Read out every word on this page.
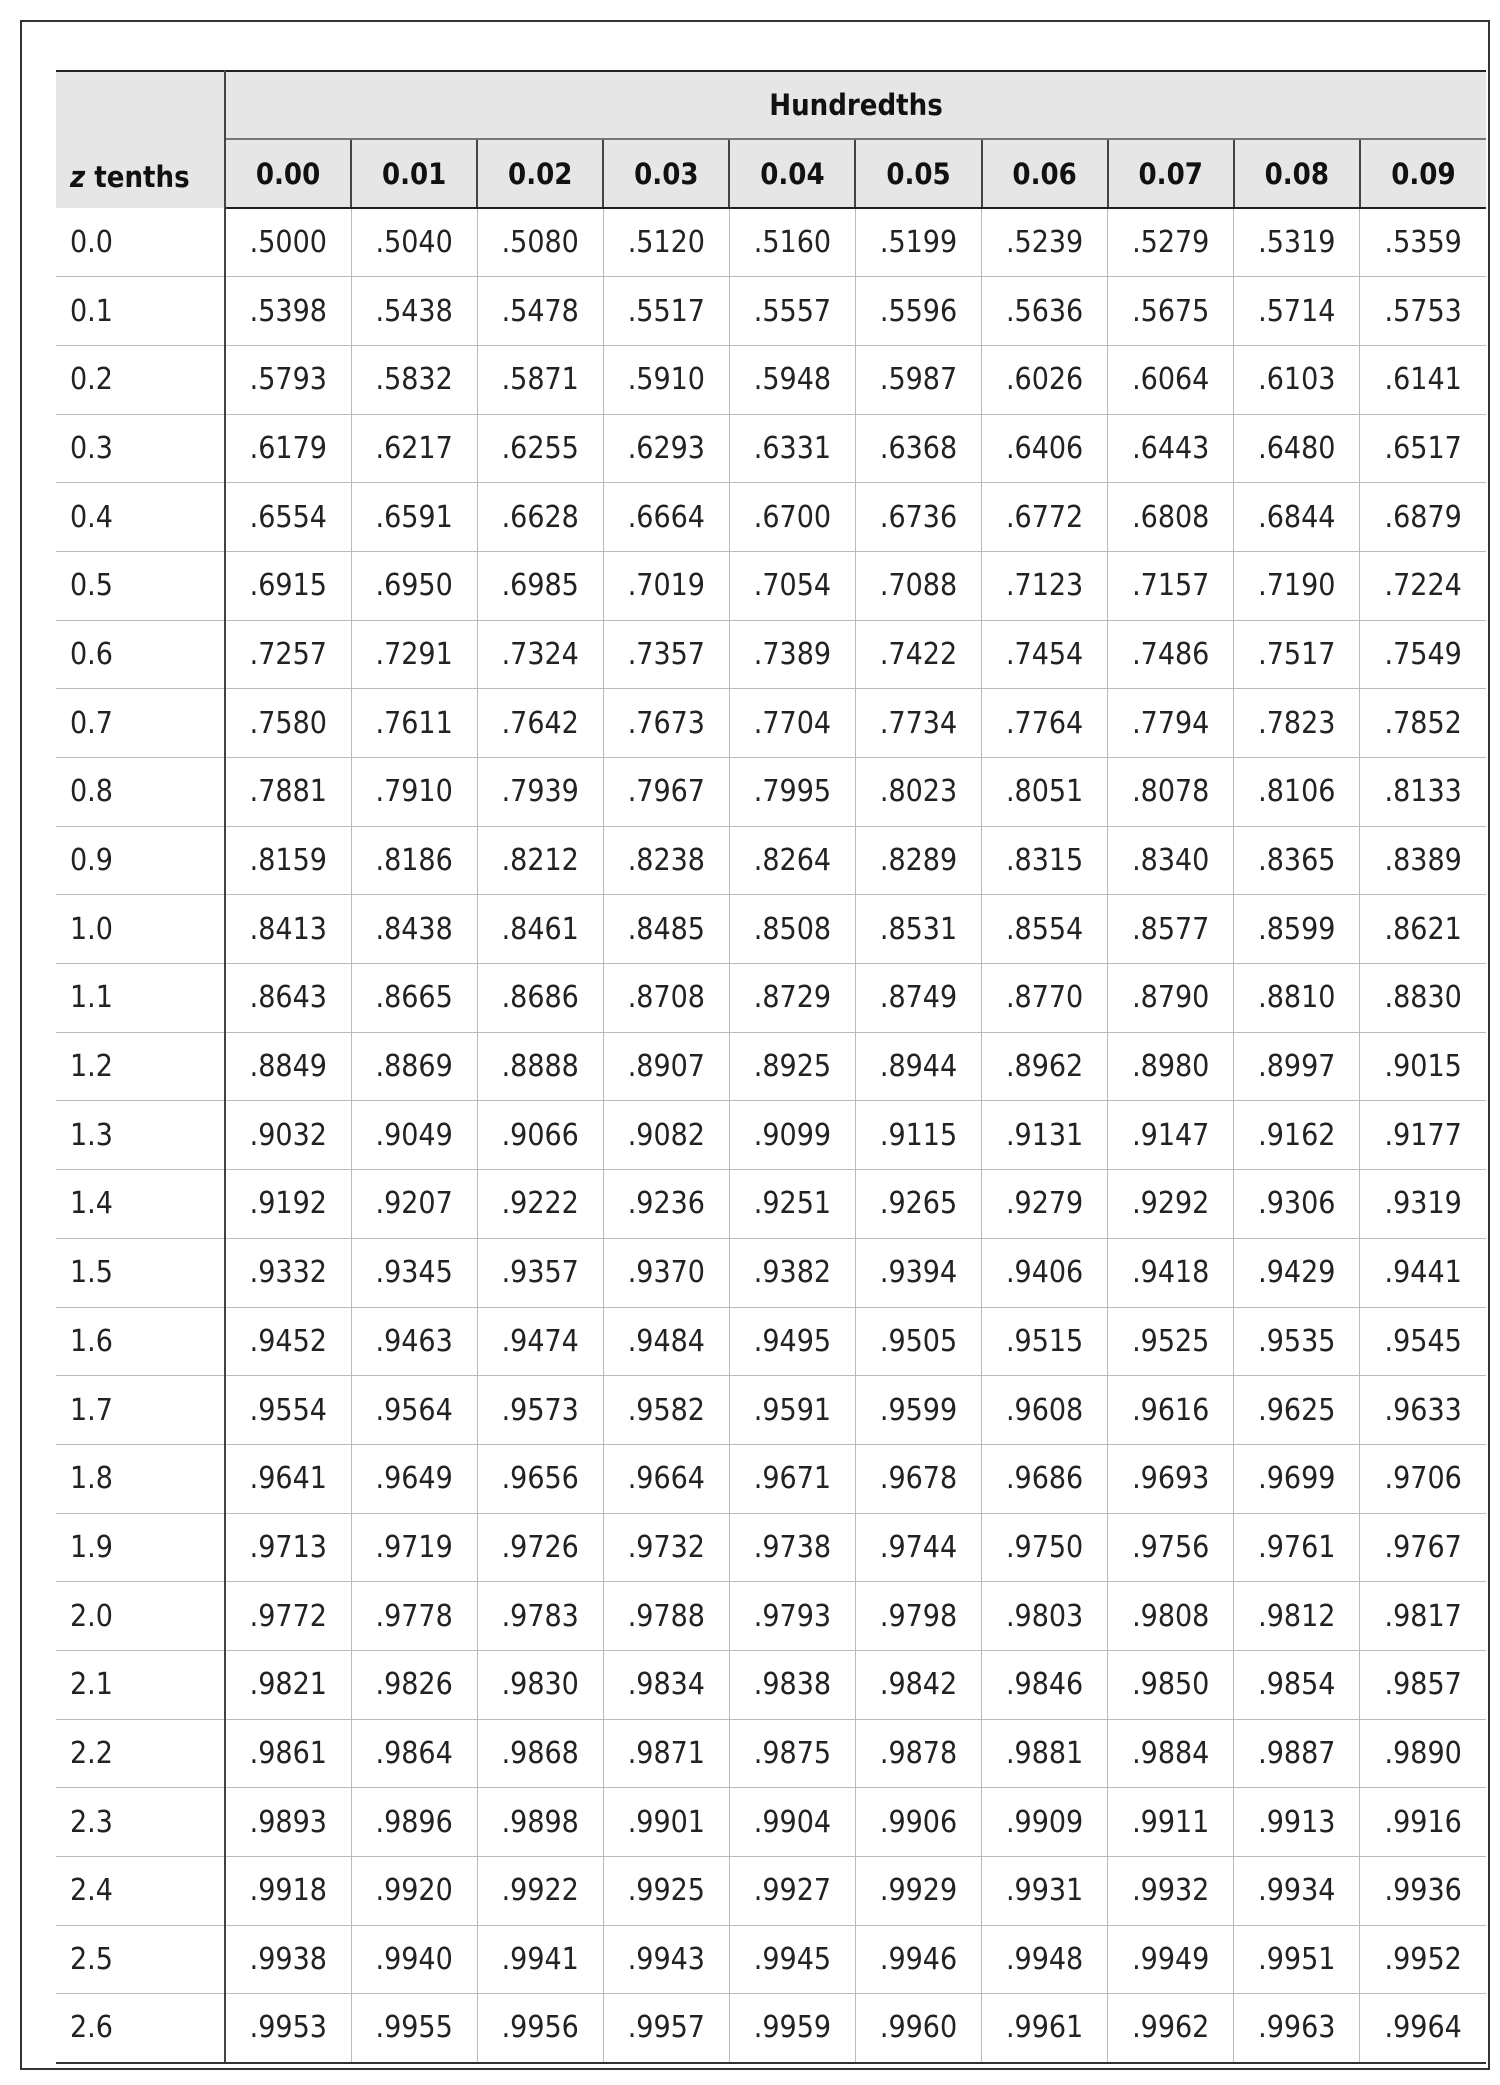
z tenths	Hundredths									
	0.00	0.01	0.02	0.03	0.04	0.05	0.06	0.07	0.08	0.09
0.0	.5000	.5040	.5080	.5120	.5160	.5199	.5239	.5279	.5319	.5359
0.1	.5398	.5438	.5478	.5517	.5557	.5596	.5636	.5675	.5714	.5753
0.2	.5793	.5832	.5871	.5910	.5948	.5987	.6026	.6064	.6103	.6141
0.3	.6179	.6217	.6255	.6293	.6331	.6368	.6406	.6443	.6480	.6517
0.4	.6554	.6591	.6628	.6664	.6700	.6736	.6772	.6808	.6844	.6879
0.5	.6915	.6950	.6985	.7019	.7054	.7088	.7123	.7157	.7190	.7224
0.6	.7257	.7291	.7324	.7357	.7389	.7422	.7454	.7486	.7517	.7549
0.7	.7580	.7611	.7642	.7673	.7704	.7734	.7764	.7794	.7823	.7852
0.8	.7881	.7910	.7939	.7967	.7995	.8023	.8051	.8078	.8106	.8133
0.9	.8159	.8186	.8212	.8238	.8264	.8289	.8315	.8340	.8365	.8389
1.0	.8413	.8438	.8461	.8485	.8508	.8531	.8554	.8577	.8599	.8621
1.1	.8643	.8665	.8686	.8708	.8729	.8749	.8770	.8790	.8810	.8830
1.2	.8849	.8869	.8888	.8907	.8925	.8944	.8962	.8980	.8997	.9015
1.3	.9032	.9049	.9066	.9082	.9099	.9115	.9131	.9147	.9162	.9177
1.4	.9192	.9207	.9222	.9236	.9251	.9265	.9279	.9292	.9306	.9319
1.5	.9332	.9345	.9357	.9370	.9382	.9394	.9406	.9418	.9429	.9441
1.6	.9452	.9463	.9474	.9484	.9495	.9505	.9515	.9525	.9535	.9545
1.7	.9554	.9564	.9573	.9582	.9591	.9599	.9608	.9616	.9625	.9633
1.8	.9641	.9649	.9656	.9664	.9671	.9678	.9686	.9693	.9699	.9706
1.9	.9713	.9719	.9726	.9732	.9738	.9744	.9750	.9756	.9761	.9767
2.0	.9772	.9778	.9783	.9788	.9793	.9798	.9803	.9808	.9812	.9817
2.1	.9821	.9826	.9830	.9834	.9838	.9842	.9846	.9850	.9854	.9857
2.2	.9861	.9864	.9868	.9871	.9875	.9878	.9881	.9884	.9887	.9890
2.3	.9893	.9896	.9898	.9901	.9904	.9906	.9909	.9911	.9913	.9916
2.4	.9918	.9920	.9922	.9925	.9927	.9929	.9931	.9932	.9934	.9936
2.5	.9938	.9940	.9941	.9943	.9945	.9946	.9948	.9949	.9951	.9952
2.6	.9953	.9955	.9956	.9957	.9959	.9960	.9961	.9962	.9963	.9964
